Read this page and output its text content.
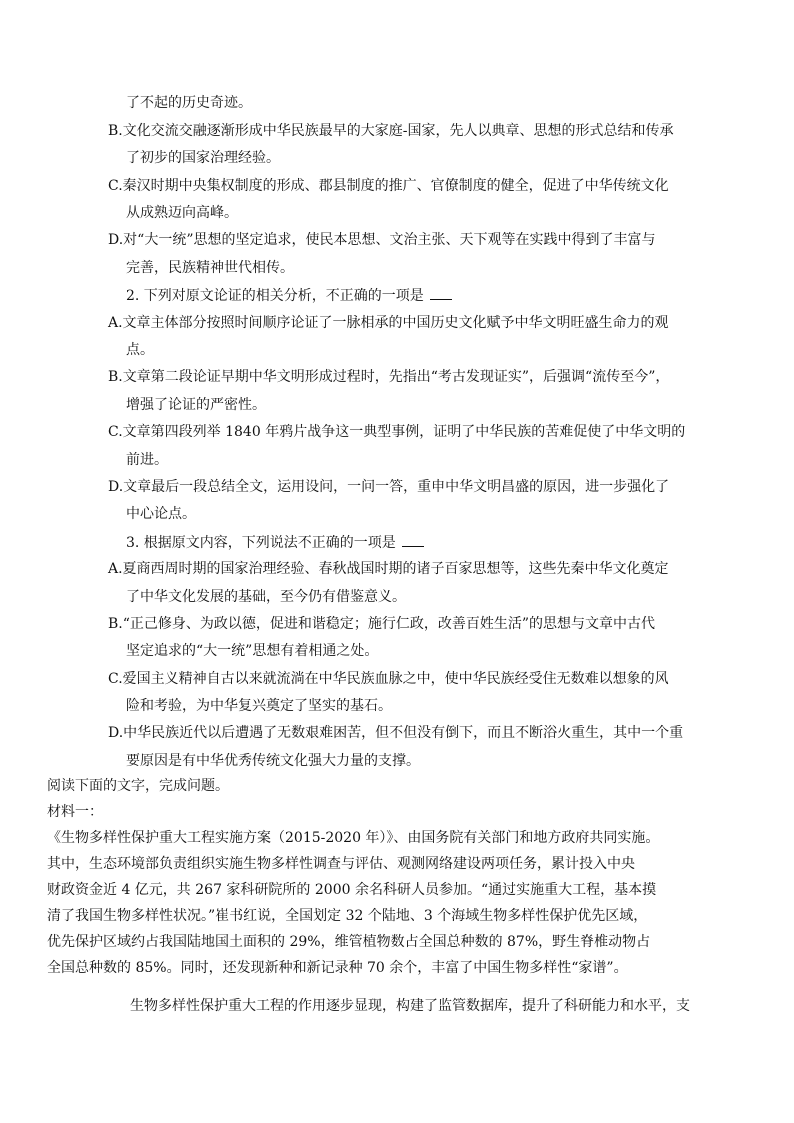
了不起的历史奇迹。
B.文化交流交融逐渐形成中华民族最早的大家庭-国家，先人以典章、思想的形式总结和传承
了初步的国家治理经验。
C.秦汉时期中央集权制度的形成、郡县制度的推广、官僚制度的健全，促进了中华传统文化
从成熟迈向高峰。
D.对“大一统”思想的坚定追求，使民本思想、文治主张、天下观等在实践中得到了丰富与
完善，民族精神世代相传。
2. 下列对原文论证的相关分析，不正确的一项是
A.文章主体部分按照时间顺序论证了一脉相承的中国历史文化赋予中华文明旺盛生命力的观
点。
B.文章第二段论证早期中华文明形成过程时，先指出“考古发现证实”，后强调“流传至今”，
增强了论证的严密性。
C.文章第四段列举 1840 年鸦片战争这一典型事例，证明了中华民族的苦难促使了中华文明的
前进。
D.文章最后一段总结全文，运用设问，一问一答，重申中华文明昌盛的原因，进一步强化了
中心论点。
3. 根据原文内容，下列说法不正确的一项是
A.夏商西周时期的国家治理经验、春秋战国时期的诸子百家思想等，这些先秦中华文化奠定
了中华文化发展的基础，至今仍有借鉴意义。
B.“正己修身、为政以德，促进和谐稳定；施行仁政，改善百姓生活”的思想与文章中古代
坚定追求的“大一统”思想有着相通之处。
C.爱国主义精神自古以来就流淌在中华民族血脉之中，使中华民族经受住无数难以想象的风
险和考验，为中华复兴奠定了坚实的基石。
D.中华民族近代以后遭遇了无数艰难困苦，但不但没有倒下，而且不断浴火重生，其中一个重
要原因是有中华优秀传统文化强大力量的支撑。
阅读下面的文字，完成问题。
材料一：
《生物多样性保护重大工程实施方案（2015-2020 年）》、由国务院有关部门和地方政府共同实施。
其中，生态环境部负责组织实施生物多样性调查与评估、观测网络建设两项任务，累计投入中央
财政资金近 4 亿元，共 267 家科研院所的 2000 余名科研人员参加。“通过实施重大工程，基本摸
清了我国生物多样性状况。”崔书红说，全国划定 32 个陆地、3 个海域生物多样性保护优先区域，
优先保护区域约占我国陆地国土面积的 29%，维管植物数占全国总种数的 87%，野生脊椎动物占
全国总种数的 85%。同时，还发现新种和新记录种 70 余个，丰富了中国生物多样性“家谱”。
生物多样性保护重大工程的作用逐步显现，构建了监管数据库，提升了科研能力和水平，支
